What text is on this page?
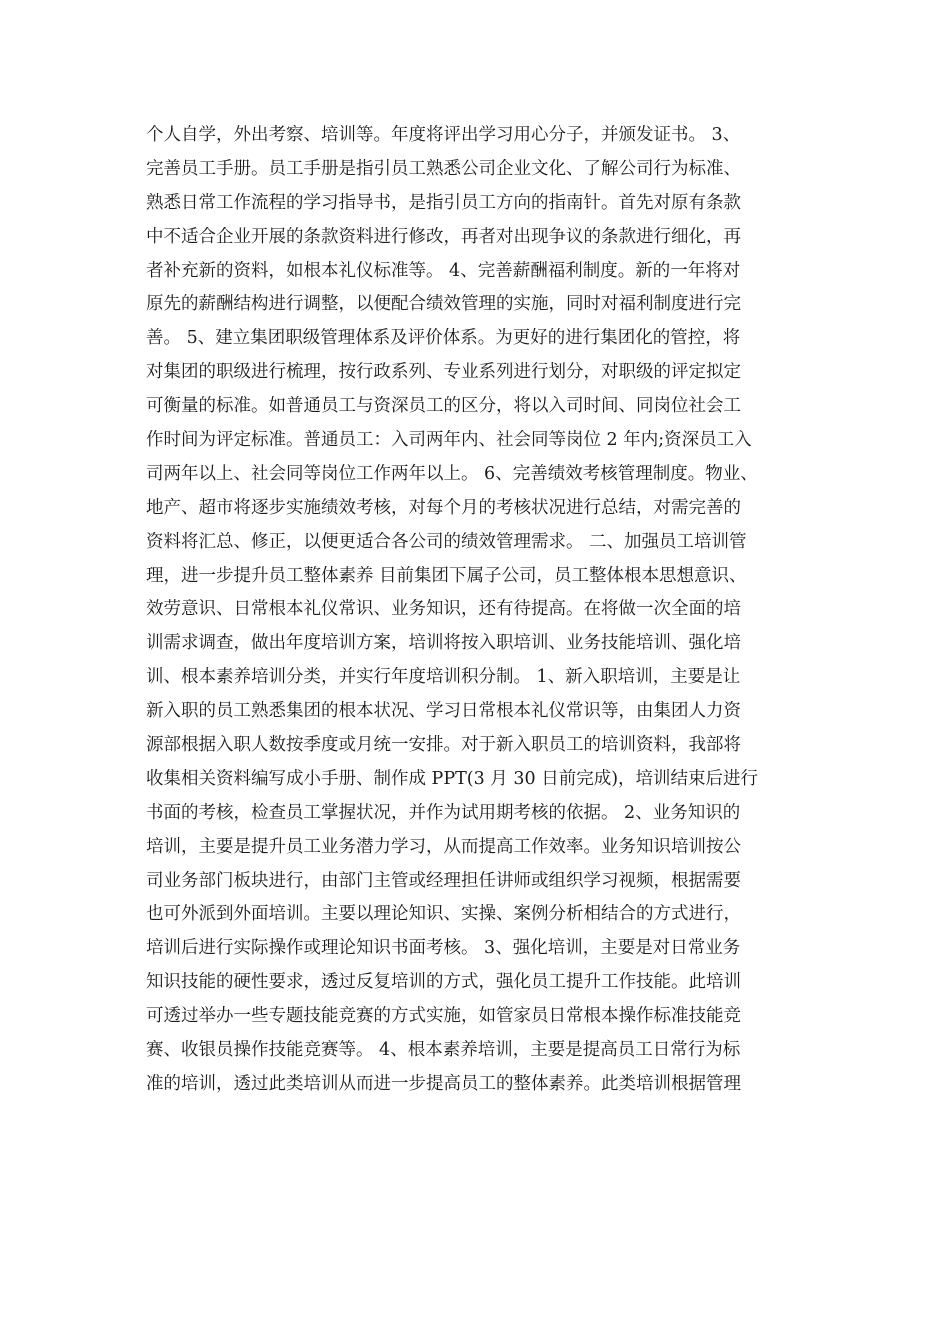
个人自学，外出考察、培训等。年度将评出学习用心分子，并颁发证书。 3、
完善员工手册。员工手册是指引员工熟悉公司企业文化、了解公司行为标准、
熟悉日常工作流程的学习指导书，是指引员工方向的指南针。首先对原有条款
中不适合企业开展的条款资料进行修改，再者对出现争议的条款进行细化，再
者补充新的资料，如根本礼仪标准等。 4、完善薪酬福利制度。新的一年将对
原先的薪酬结构进行调整，以便配合绩效管理的实施，同时对福利制度进行完
善。 5、建立集团职级管理体系及评价体系。为更好的进行集团化的管控，将
对集团的职级进行梳理，按行政系列、专业系列进行划分，对职级的评定拟定
可衡量的标准。如普通员工与资深员工的区分，将以入司时间、同岗位社会工
作时间为评定标准。普通员工：入司两年内、社会同等岗位 2 年内;资深员工入
司两年以上、社会同等岗位工作两年以上。 6、完善绩效考核管理制度。物业、
地产、超市将逐步实施绩效考核，对每个月的考核状况进行总结，对需完善的
资料将汇总、修正，以便更适合各公司的绩效管理需求。 二、加强员工培训管
理，进一步提升员工整体素养 目前集团下属子公司，员工整体根本思想意识、
效劳意识、日常根本礼仪常识、业务知识，还有待提高。在将做一次全面的培
训需求调查，做出年度培训方案，培训将按入职培训、业务技能培训、强化培
训、根本素养培训分类，并实行年度培训积分制。 1、新入职培训，主要是让
新入职的员工熟悉集团的根本状况、学习日常根本礼仪常识等，由集团人力资
源部根据入职人数按季度或月统一安排。对于新入职员工的培训资料，我部将
收集相关资料编写成小手册、制作成 PPT(3 月 30 日前完成)，培训结束后进行
书面的考核，检查员工掌握状况，并作为试用期考核的依据。 2、业务知识的
培训，主要是提升员工业务潜力学习，从而提高工作效率。业务知识培训按公
司业务部门板块进行，由部门主管或经理担任讲师或组织学习视频，根据需要
也可外派到外面培训。主要以理论知识、实操、案例分析相结合的方式进行，
培训后进行实际操作或理论知识书面考核。 3、强化培训，主要是对日常业务
知识技能的硬性要求，透过反复培训的方式，强化员工提升工作技能。此培训
可透过举办一些专题技能竞赛的方式实施，如管家员日常根本操作标准技能竞
赛、收银员操作技能竞赛等。 4、根本素养培训，主要是提高员工日常行为标
准的培训，透过此类培训从而进一步提高员工的整体素养。此类培训根据管理
